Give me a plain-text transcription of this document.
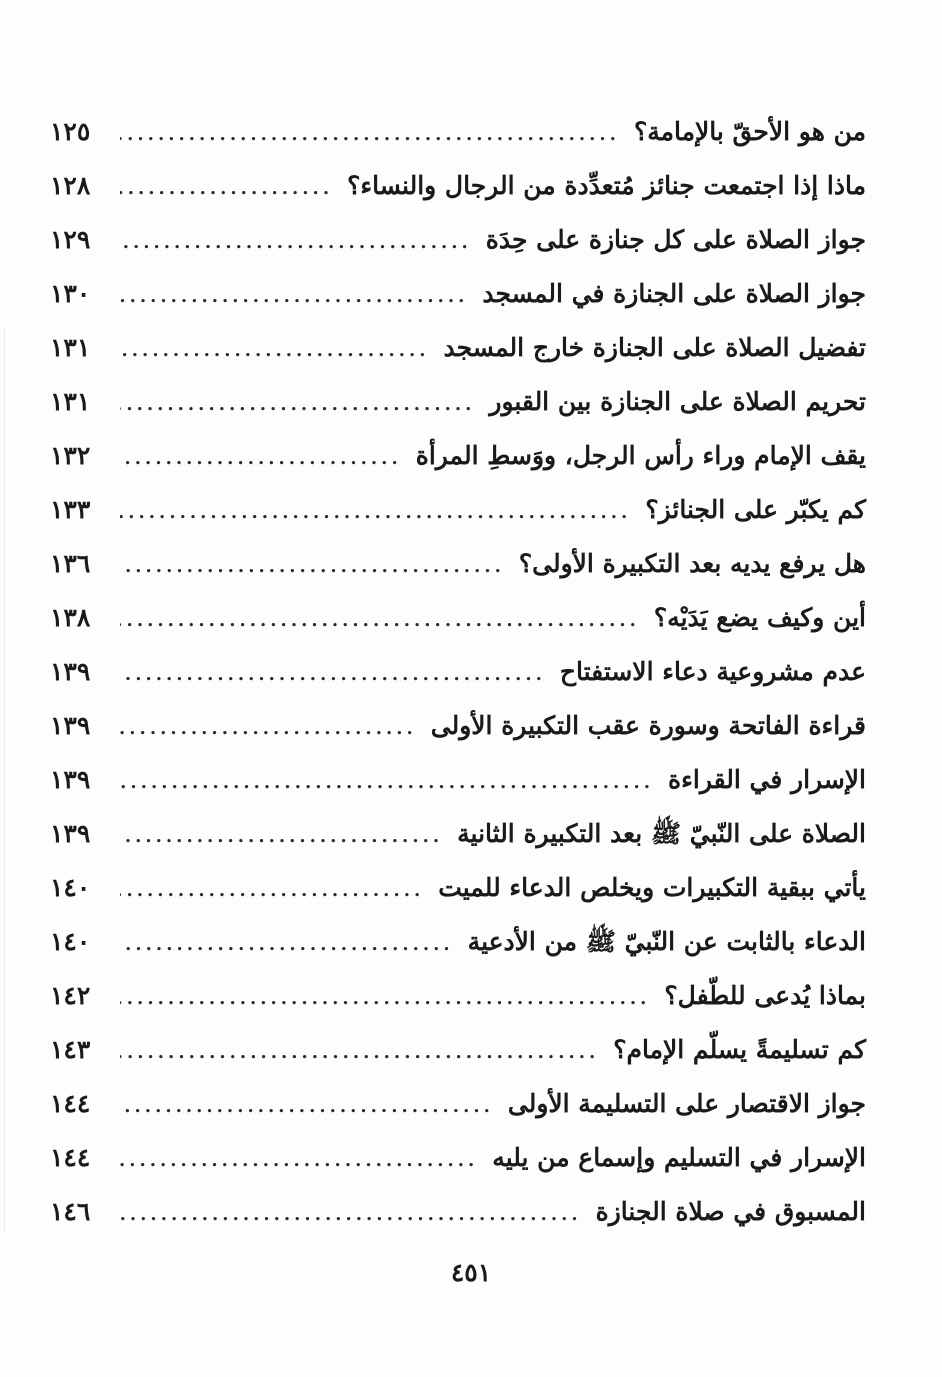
من هو الأحقّ بالإمامة؟
.....
١٢٥
ماذا إذا اجتمعت جنائز مُتعدِّدة من الرجال والنساء؟
.....
١٢٨
جواز الصلاة على كل جنازة على حِدَة
.....
١٢٩
جواز الصلاة على الجنازة في المسجد
.....
١٣٠
تفضيل الصلاة على الجنازة خارج المسجد
.....
١٣١
تحريم الصلاة على الجنازة بين القبور
.....
١٣١
يقف الإمام وراء رأس الرجل، ووَسطِ المرأة
.....
١٣٢
كم يكبّر على الجنائز؟
.....
١٣٣
هل يرفع يديه بعد التكبيرة الأولى؟
.....
١٣٦
أين وكيف يضع يَدَيْه؟
.....
١٣٨
عدم مشروعية دعاء الاستفتاح
.....
١٣٩
قراءة الفاتحة وسورة عقب التكبيرة الأولى
.....
١٣٩
الإسرار في القراءة
.....
١٣٩
الصلاة على النّبيّ ﷺ بعد التكبيرة الثانية
.....
١٣٩
يأتي ببقية التكبيرات ويخلص الدعاء للميت
.....
١٤٠
الدعاء بالثابت عن النّبيّ ﷺ من الأدعية
.....
١٤٠
بماذا يُدعى للطّفل؟
.....
١٤٢
كم تسليمةً يسلّم الإمام؟
.....
١٤٣
جواز الاقتصار على التسليمة الأولى
.....
١٤٤
الإسرار في التسليم وإسماع من يليه
.....
١٤٤
المسبوق في صلاة الجنازة
.....
١٤٦
٤٥١
